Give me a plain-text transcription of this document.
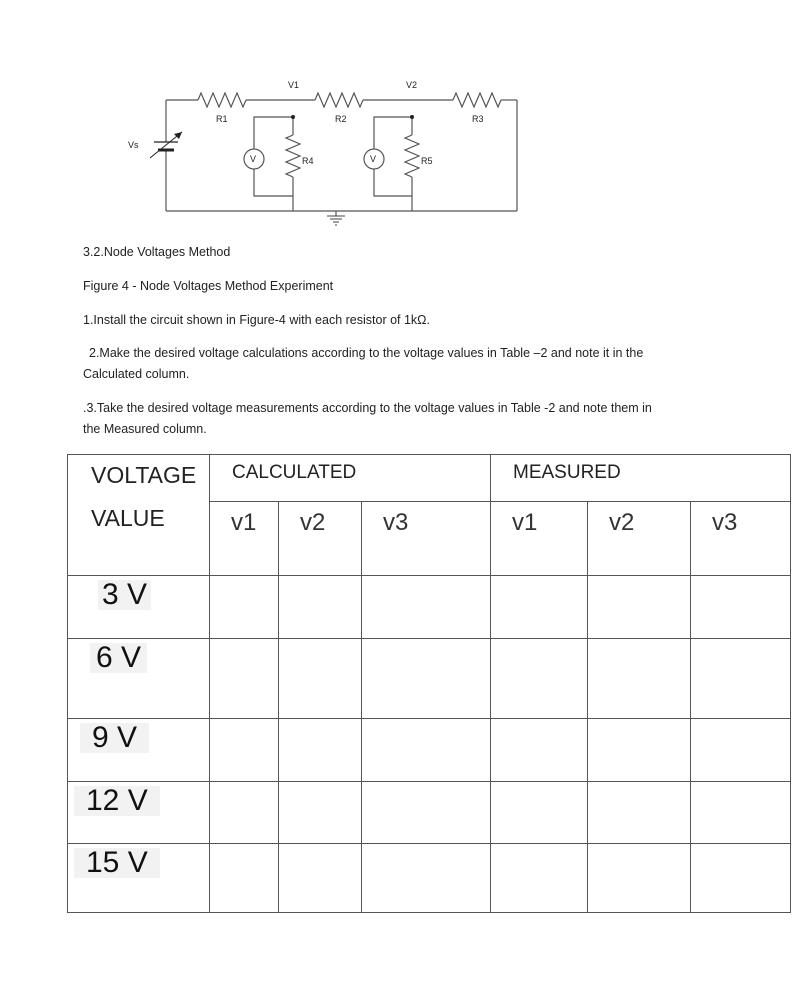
Vs
V1	V2
R1	R2	R3
R4	R5
V	V

3.2.Node Voltages Method

Figure 4 - Node Voltages Method Experiment

1.Install the circuit shown in Figure-4 with each resistor of 1kΩ.

2.Make the desired voltage calculations according to the voltage values in Table –2 and note it in the

Calculated column.

.3.Take the desired voltage measurements according to the voltage values in Table -2 and note them in

the Measured column.

VOLTAGE
VALUE	CALCULATED			MEASURED		

	v1	v2	v3	v1	v2	v3

3 V						
6 V						
9 V						
12 V						
15 V						
